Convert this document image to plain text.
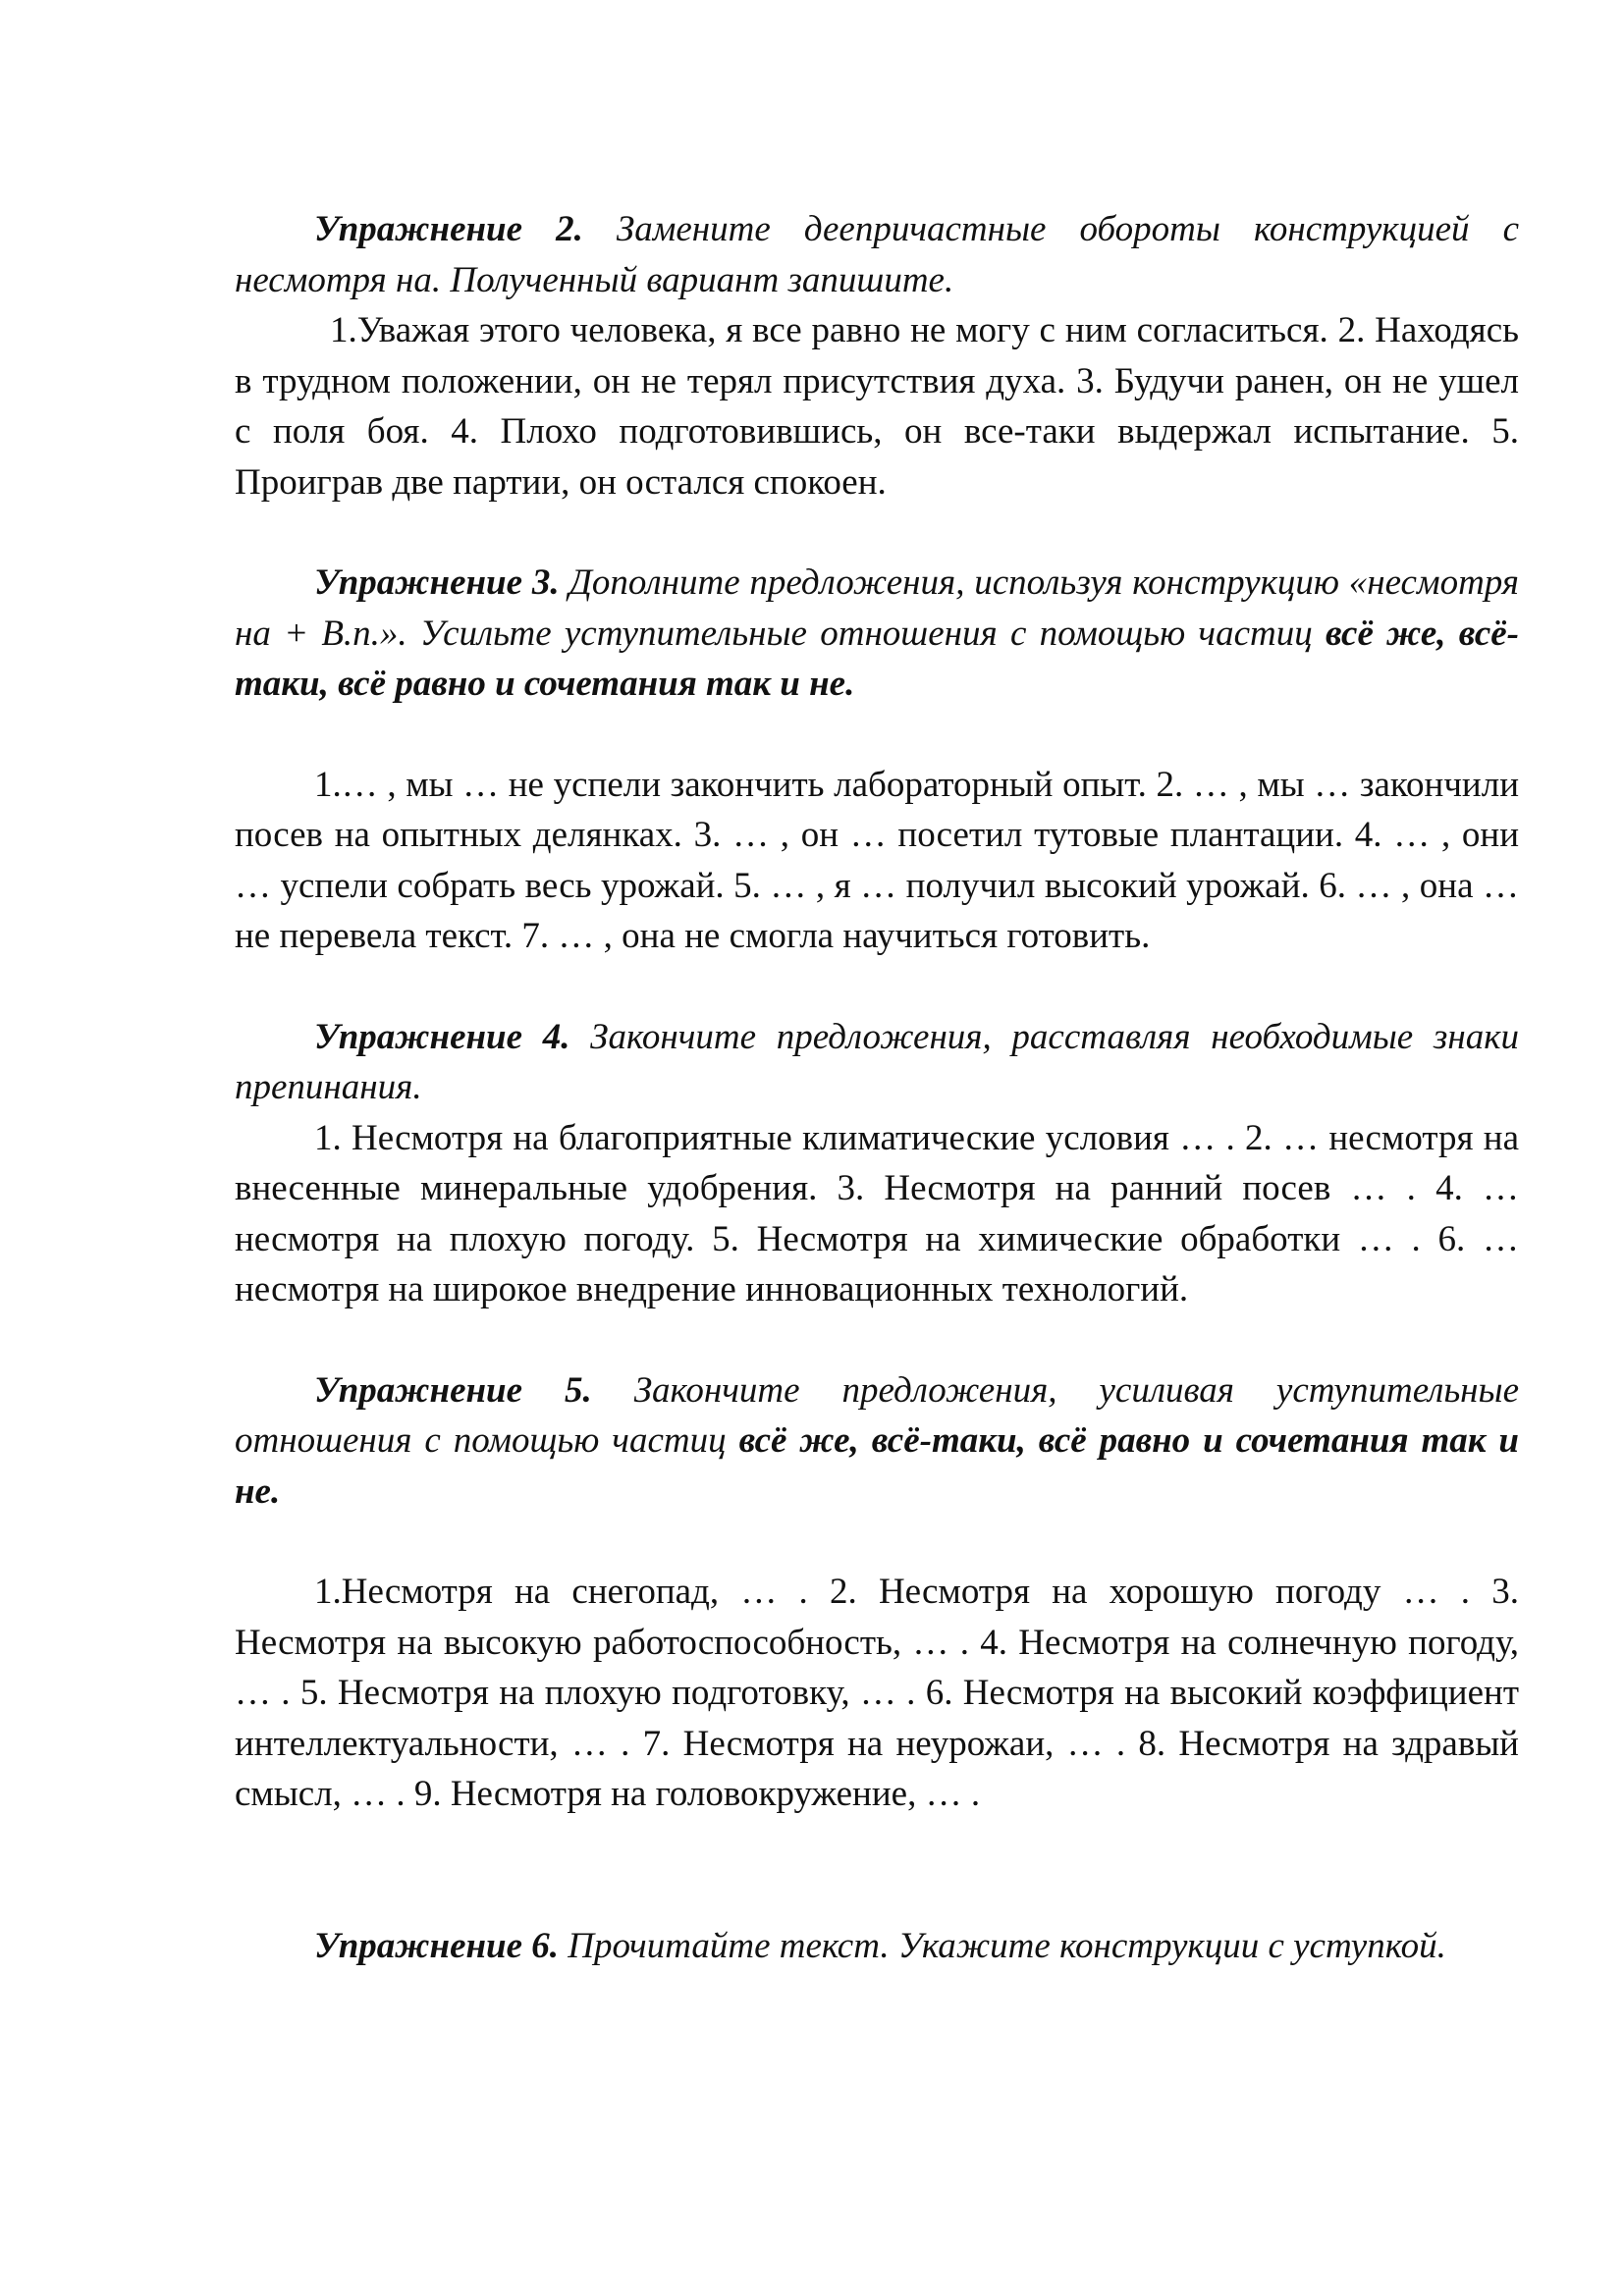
Упражнение 2. Замените деепричастные обороты конструкцией с несмотря на. Полученный вариант запишите.

1.Уважая этого человека, я все равно не могу с ним согласиться. 2. Находясь в трудном положении, он не терял присутствия духа. 3. Будучи ранен, он не ушел с поля боя. 4. Плохо подготовившись, он все-таки выдержал испытание. 5. Проиграв две партии, он остался спокоен.

Упражнение 3. Дополните предложения, используя конструкцию «несмотря на + В.п.». Усильте уступительные отношения с помощью частиц всё же, всё-таки, всё равно и сочетания так и не.

1.… , мы … не успели закончить лабораторный опыт. 2. … , мы … закончили посев на опытных делянках. 3. … , он … посетил тутовые плантации. 4. … , они … успели собрать весь урожай. 5. … , я … получил высокий урожай. 6. … , она … не перевела текст. 7. … , она не смогла научиться готовить.

Упражнение 4. Закончите предложения, расставляя необходимые знаки препинания.

1. Несмотря на благоприятные климатические условия … . 2. … несмотря на внесенные минеральные удобрения. 3. Несмотря на ранний посев … . 4. … несмотря на плохую погоду. 5. Несмотря на химические обработки … . 6. … несмотря на широкое внедрение инновационных технологий.

Упражнение 5. Закончите предложения, усиливая уступительные отношения с помощью частиц всё же, всё-таки, всё равно и сочетания так и не.

1.Несмотря на снегопад, … . 2. Несмотря на хорошую погоду … . 3. Несмотря на высокую работоспособность, … . 4. Несмотря на солнечную погоду, … . 5. Несмотря на плохую подготовку, … . 6. Несмотря на высокий коэффициент интеллектуальности, … . 7. Несмотря на неурожаи, … . 8. Несмотря на здравый смысл, … . 9. Несмотря на головокружение, … .

Упражнение 6. Прочитайте текст. Укажите конструкции с уступкой.
